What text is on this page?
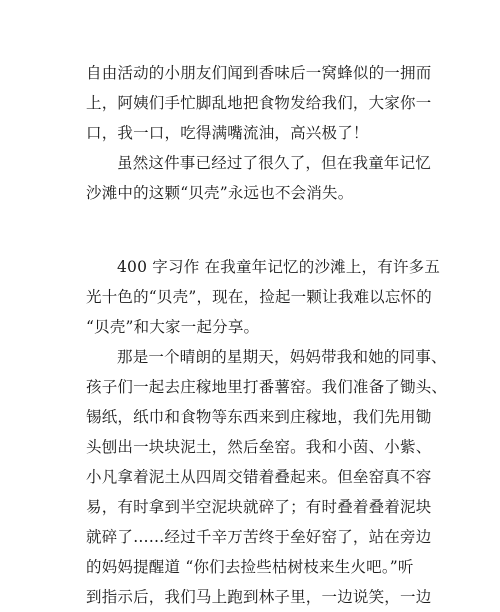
自由活动的小朋友们闻到香味后一窝蜂似的一拥而
上，阿姨们手忙脚乱地把食物发给我们，大家你一
口，我一口，吃得满嘴流油，高兴极了！
虽然这件事已经过了很久了，但在我童年记忆
沙滩中的这颗“贝壳”永远也不会消失。
400 字习作 在我童年记忆的沙滩上，有许多五
光十色的“贝壳”，现在，捡起一颗让我难以忘怀的
“贝壳”和大家一起分享。
那是一个晴朗的星期天，妈妈带我和她的同事、
孩子们一起去庄稼地里打番薯窑。我们准备了锄头、
锡纸，纸巾和食物等东西来到庄稼地，我们先用锄
头刨出一块块泥土，然后垒窑。我和小茵、小紫、
小凡拿着泥土从四周交错着叠起来。但垒窑真不容
易，有时拿到半空泥块就碎了；有时叠着叠着泥块
就碎了……经过千辛万苦终于垒好窑了，站在旁边
的妈妈提醒道 “你们去捡些枯树枝来生火吧。”听
到指示后，我们马上跑到林子里，一边说笑，一边
